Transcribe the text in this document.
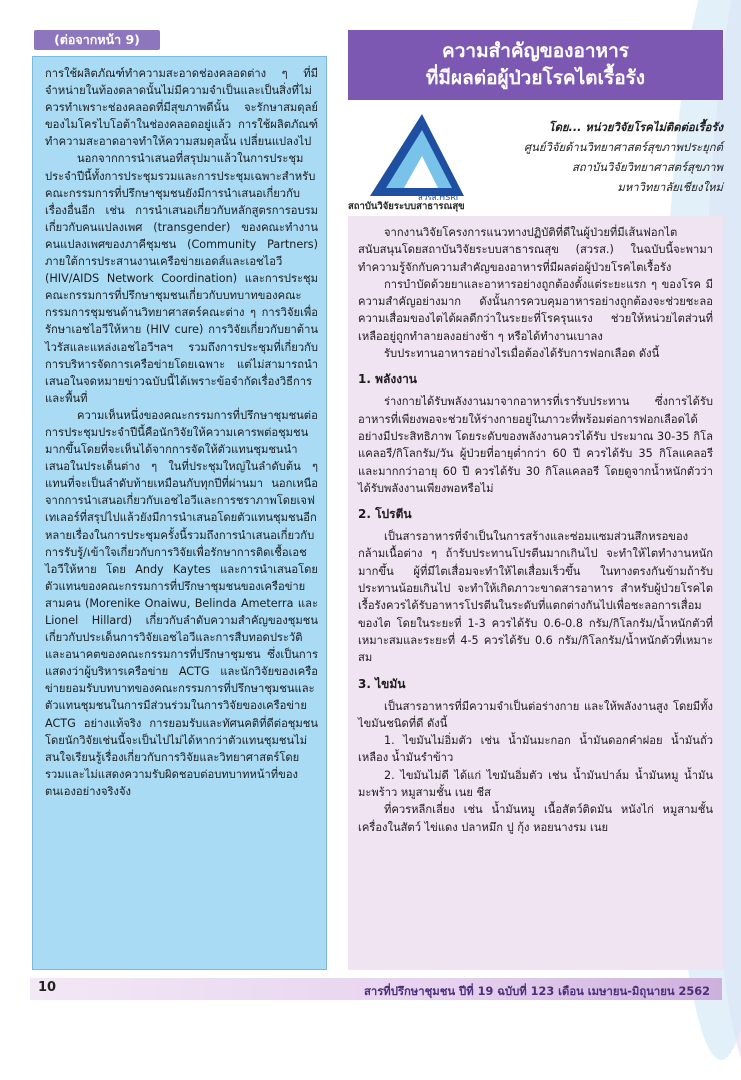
(ต่อจากหน้า 9)

การใช้ผลิตภัณฑ์ทำความสะอาดช่องคลอดต่าง ๆ ที่มีจำหน่ายในท้องตลาดนั้นไม่มีความจำเป็นและเป็นสิ่งที่ไม่ควรทำเพราะช่องคลอดที่มีสุขภาพดีนั้น จะรักษาสมดุลย์ของไมโครไบโอต้าในช่องคลอดอยู่แล้ว การใช้ผลิตภัณฑ์ทำความสะอาดอาจทำให้ความสมดุลนั้น เปลี่ยนแปลงไป

นอกจากการนำเสนอที่สรุปมาแล้วในการประชุมประจำปีนี้ทั้งการประชุมรวมและการประชุมเฉพาะสำหรับคณะกรรมการที่ปรึกษาชุมชนยังมีการนำเสนอเกี่ยวกับเรื่องอื่นอีก เช่น การนำเสนอเกี่ยวกับหลักสูตรการอบรมเกี่ยวกับคนแปลงเพศ (transgender) ของคณะทำงานคนแปลงเพศของภาคีชุมชน (Community Partners) ภายใต้การประสานงานเครือข่ายเอดส์และเอชไอวี (HIV/AIDS Network Coordination) และการประชุมคณะกรรมการที่ปรึกษาชุมชนเกี่ยวกับบทบาทของคณะกรรมการชุมชนด้านวิทยาศาสตร์คณะต่าง ๆ การวิจัยเพื่อรักษาเอชไอวีให้หาย (HIV cure) การวิจัยเกี่ยวกับยาต้านไวรัสและแหล่งเอชไอวีฯลฯ รวมถึงการประชุมที่เกี่ยวกับการบริหารจัดการเครือข่ายโดยเฉพาะ แต่ไม่สามารถนำเสนอในจดหมายข่าวฉบับนี้ได้เพราะข้อจำกัดเรื่องวิธีการและพื้นที่

ความเห็นหนึ่งของคณะกรรมการที่ปรึกษาชุมชนต่อการประชุมประจำปีนี้คือนักวิจัยให้ความเคารพต่อชุมชนมากขึ้นโดยที่จะเห็นได้จากการจัดให้ตัวแทนชุมชนนำเสนอในประเด็นต่าง ๆ ในที่ประชุมใหญ่ในลำดับต้น ๆ แทนที่จะเป็นลำดับท้ายเหมือนกับทุกปีที่ผ่านมา นอกเหนือจากการนำเสนอเกี่ยวกับเอชไอวีและการชราภาพโดยเจฟ เทเลอร์ที่สรุปไปแล้วยังมีการนำเสนอโดยตัวแทนชุมชนอีกหลายเรื่องในการประชุมครั้งนี้รวมถึงการนำเสนอเกี่ยวกับการรับรู้/เข้าใจเกี่ยวกับการวิจัยเพื่อรักษาการติดเชื้อเอชไอวีให้หาย โดย Andy Kaytes และการนำเสนอโดยตัวแทนของคณะกรรมการที่ปรึกษาชุมชนของเครือข่ายสามคน (Morenike Onaiwu, Belinda Ameterra และ Lionel Hillard) เกี่ยวกับลำดับความสำคัญของชุมชนเกี่ยวกับประเด็นการวิจัยเอชไอวีและการสืบทอดประวัติและอนาคตของคณะกรรมการที่ปรึกษาชุมชน ซึ่งเป็นการแสดงว่าผู้บริหารเครือข่าย ACTG และนักวิจัยของเครือข่ายยอมรับบทบาทของคณะกรรมการที่ปรึกษาชุมชนและตัวแทนชุมชนในการมีส่วนร่วมในการวิจัยของเครือข่าย ACTG อย่างแท้จริง การยอมรับและทัศนคติที่ดีต่อชุมชนโดยนักวิจัยเช่นนี้จะเป็นไปไม่ได้หากว่าตัวแทนชุมชนไม่สนใจเรียนรู้เรื่องเกี่ยวกับการวิจัยและวิทยาศาสตร์โดยรวมและไม่แสดงความรับผิดชอบต่อบทบาทหน้าที่ของตนเองอย่างจริงจัง

ความสำคัญของอาหาร
ที่มีผลต่อผู้ป่วยโรคไตเรื้อรัง
สวรส.HSRI
สถาบันวิจัยระบบสาธารณสุข
โดย... หน่วยวิจัยโรคไม่ติดต่อเรื้อรัง
ศูนย์วิจัยด้านวิทยาศาสตร์สุขภาพประยุกต์
สถาบันวิจัยวิทยาศาสตร์สุขภาพ
มหาวิทยาลัยเชียงใหม่

จากงานวิจัยโครงการแนวทางปฏิบัติที่ดีในผู้ป่วยที่มีเส้นฟอกไต สนับสนุนโดยสถาบันวิจัยระบบสาธารณสุข (สวรส.) ในฉบับนี้จะพามาทำความรู้จักกับความสำคัญของอาหารที่มีผลต่อผู้ป่วยโรคไตเรื้อรัง

การบำบัดด้วยยาและอาหารอย่างถูกต้องตั้งแต่ระยะแรก ๆ ของโรค มีความสำคัญอย่างมาก ดังนั้นการควบคุมอาหารอย่างถูกต้องจะช่วยชะลอความเสื่อมของไตได้ผลดีกว่าในระยะที่โรครุนแรง ช่วยให้หน่วยไตส่วนที่เหลืออยู่ถูกทำลายลงอย่างช้า ๆ หรือได้ทำงานเบาลง

รับประทานอาหารอย่างไรเมื่อต้องได้รับการฟอกเลือด ดังนี้

1. พลังงาน

ร่างกายได้รับพลังงานมาจากอาหารที่เรารับประทาน ซึ่งการได้รับอาหารที่เพียงพอจะช่วยให้ร่างกายอยู่ในภาวะที่พร้อมต่อการฟอกเลือดได้อย่างมีประสิทธิภาพ โดยระดับของพลังงานควรได้รับ ประมาณ 30-35 กิโลแคลอรี/กิโลกรัม/วัน ผู้ป่วยที่อายุต่ำกว่า 60 ปี ควรได้รับ 35 กิโลแคลอรี และมากกว่าอายุ 60 ปี ควรได้รับ 30 กิโลแคลอรี โดยดูจากน้ำหนักตัวว่าได้รับพลังงานเพียงพอหรือไม่

2. โปรตีน

เป็นสารอาหารที่จำเป็นในการสร้างและซ่อมแซมส่วนสึกหรอของกล้ามเนื้อต่าง ๆ ถ้ารับประทานโปรตีนมากเกินไป จะทำให้ไตทำงานหนักมากขึ้น ผู้ที่มีไตเสื่อมจะทำให้ไตเสื่อมเร็วขึ้น ในทางตรงกันข้ามถ้ารับประทานน้อยเกินไป จะทำให้เกิดภาวะขาดสารอาหาร สำหรับผู้ป่วยโรคไตเรื้อรังควรได้รับอาหารโปรตีนในระดับที่แตกต่างกันไปเพื่อชะลอการเสื่อมของไต โดยในระยะที่ 1-3 ควรได้รับ 0.6-0.8 กรัม/กิโลกรัม/น้ำหนักตัวที่เหมาะสมและระยะที่ 4-5 ควรได้รับ 0.6 กรัม/กิโลกรัม/น้ำหนักตัวที่เหมาะสม

3. ไขมัน

เป็นสารอาหารที่มีความจำเป็นต่อร่างกาย และให้พลังงานสูง โดยมีทั้งไขมันชนิดที่ดี ดังนี้

1. ไขมันไม่อิ่มตัว เช่น น้ำมันมะกอก น้ำมันดอกคำฝอย น้ำมันถั่วเหลือง น้ำมันรำข้าว

2. ไขมันไม่ดี ได้แก่ ไขมันอิ่มตัว เช่น น้ำมันปาล์ม น้ำมันหมู น้ำมันมะพร้าว หมูสามชั้น เนย ชีส

ที่ควรหลีกเลี่ยง เช่น น้ำมันหมู เนื้อสัตว์ติดมัน หนังไก่ หมูสามชั้น เครื่องในสัตว์ ไข่แดง ปลาหมึก ปู กุ้ง หอยนางรม เนย

10	สารที่ปรึกษาชุมชน ปีที่ 19 ฉบับที่ 123 เดือน เมษายน-มิถุนายน 2562
